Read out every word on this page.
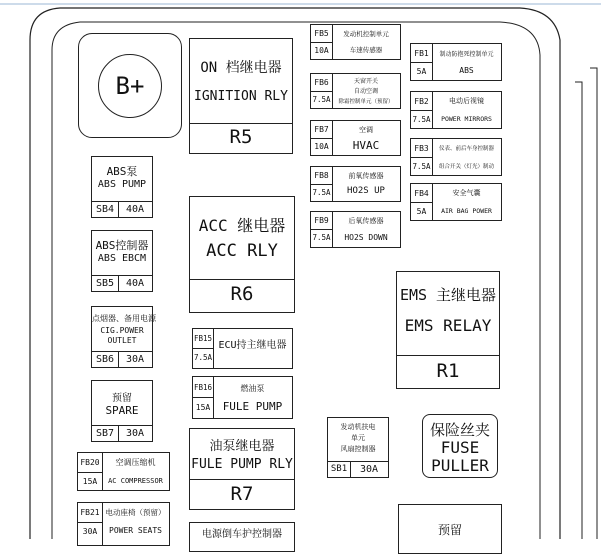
B+
ON 档继电器
IGNITION RLY
R5
ACC 继电器
ACC RLY
R6	EMS 主继电器
EMS RELAY
R1
油泵继电器
FULE PUMP RLY
R7
ABS泵
ABS PUMP
SB4	40A
ABS控制器
ABS EBCM
SB5	40A
点烟器、备用电源
CIG.POWER
OUTLET
SB6	30A
预留
SPARE
SB7	30A
发动机扶电
单元
风扇控制器
SB1	30A
FB5
10A
发动机控制单元
车速传感器
FB6
7.5A
天窗开关
自动空调
除霜控制单元（预留）
FB7
10A
空调
HVAC
FB8
7.5A
前氧传感器
HO2S UP
FB9
7.5A
后氧传感器
HO2S DOWN
FB1
5A
制动防抱死控制单元
ABS
FB2
7.5A
电动后视镜
POWER MIRRORS
FB3
7.5A
仪表、前后车身控制器
组合开关（灯光）制动
FB4
5A
安全气囊
AIR BAG POWER
FB15
7.5A
ECU持主继电器
FB16
15A
燃油泵
FULE PUMP
FB20
15A
空调压缩机
AC COMPRESSOR
FB21
30A
电动座椅（预留）
POWER SEATS
保险丝夹
FUSE
PULLER
预留
电源倒车护控制器
